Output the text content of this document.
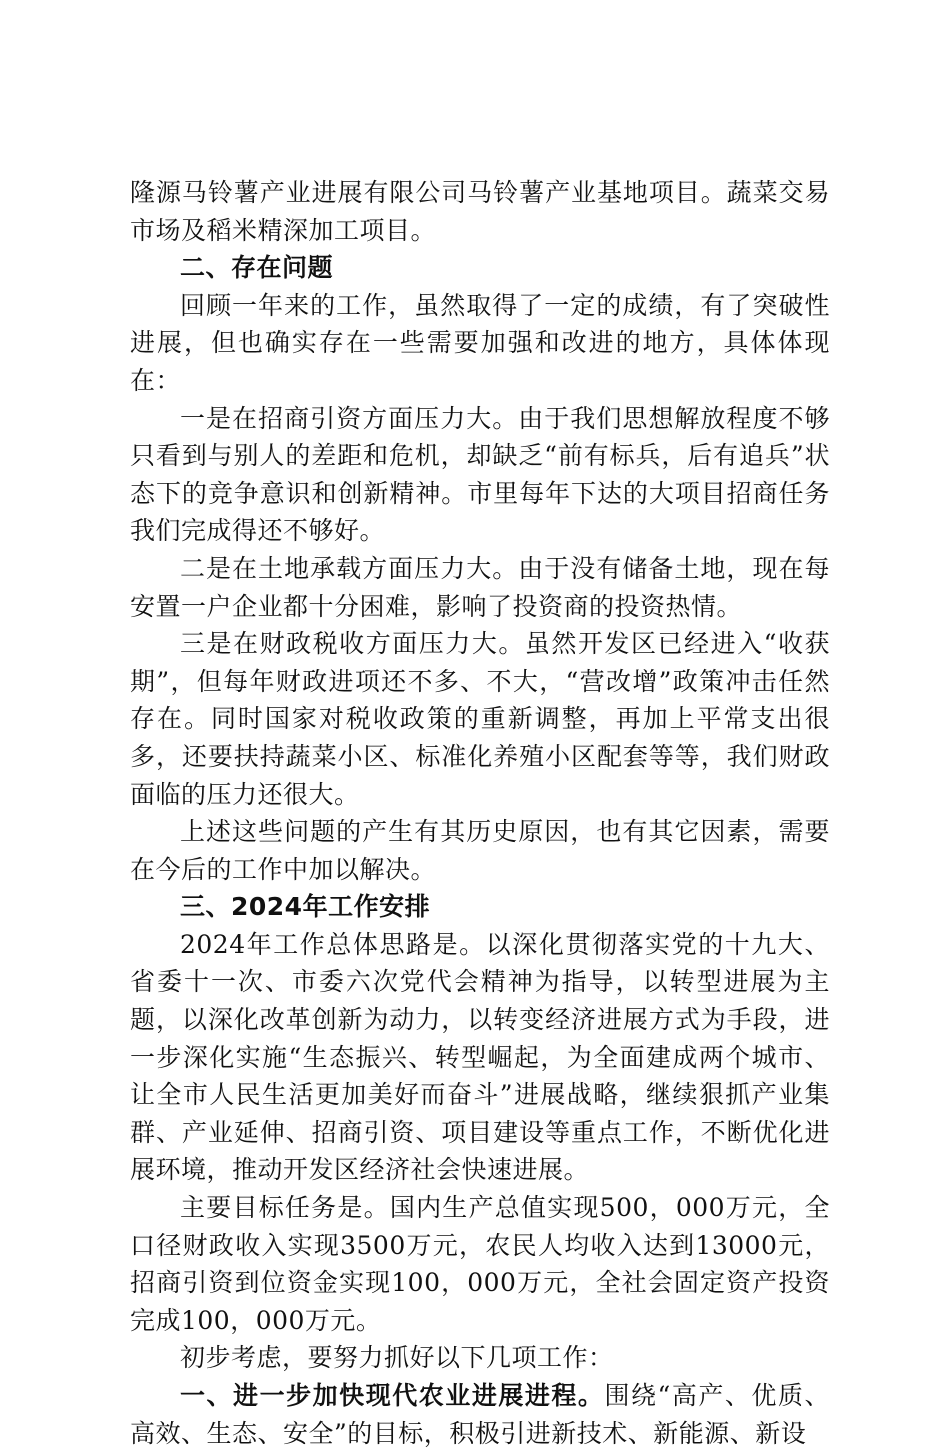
隆源马铃薯产业进展有限公司马铃薯产业基地项目。蔬菜交易市场及稻米精深加工项目。

二、存在问题

回顾一年来的工作，虽然取得了一定的成绩，有了突破性进展，但也确实存在一些需要加强和改进的地方，具体体现在：

一是在招商引资方面压力大。由于我们思想解放程度不够只看到与别人的差距和危机，却缺乏“前有标兵，后有追兵”状态下的竞争意识和创新精神。市里每年下达的大项目招商任务我们完成得还不够好。

二是在土地承载方面压力大。由于没有储备土地，现在每安置一户企业都十分困难，影响了投资商的投资热情。

三是在财政税收方面压力大。虽然开发区已经进入“收获期”，但每年财政进项还不多、不大，“营改增”政策冲击任然存在。同时国家对税收政策的重新调整，再加上平常支出很多，还要扶持蔬菜小区、标准化养殖小区配套等等，我们财政面临的压力还很大。

上述这些问题的产生有其历史原因，也有其它因素，需要在今后的工作中加以解决。

三、2024年工作安排

2024年工作总体思路是。以深化贯彻落实党的十九大、省委十一次、市委六次党代会精神为指导，以转型进展为主题，以深化改革创新为动力，以转变经济进展方式为手段，进一步深化实施“生态振兴、转型崛起，为全面建成两个城市、让全市人民生活更加美好而奋斗”进展战略，继续狠抓产业集群、产业延伸、招商引资、项目建设等重点工作，不断优化进展环境，推动开发区经济社会快速进展。

主要目标任务是。国内生产总值实现500，000万元，全口径财政收入实现3500万元，农民人均收入达到13000元，招商引资到位资金实现100，000万元，全社会固定资产投资完成100，000万元。

初步考虑，要努力抓好以下几项工作：

一、进一步加快现代农业进展进程。围绕“高产、优质、高效、生态、安全”的目标，积极引进新技术、新能源、新设
